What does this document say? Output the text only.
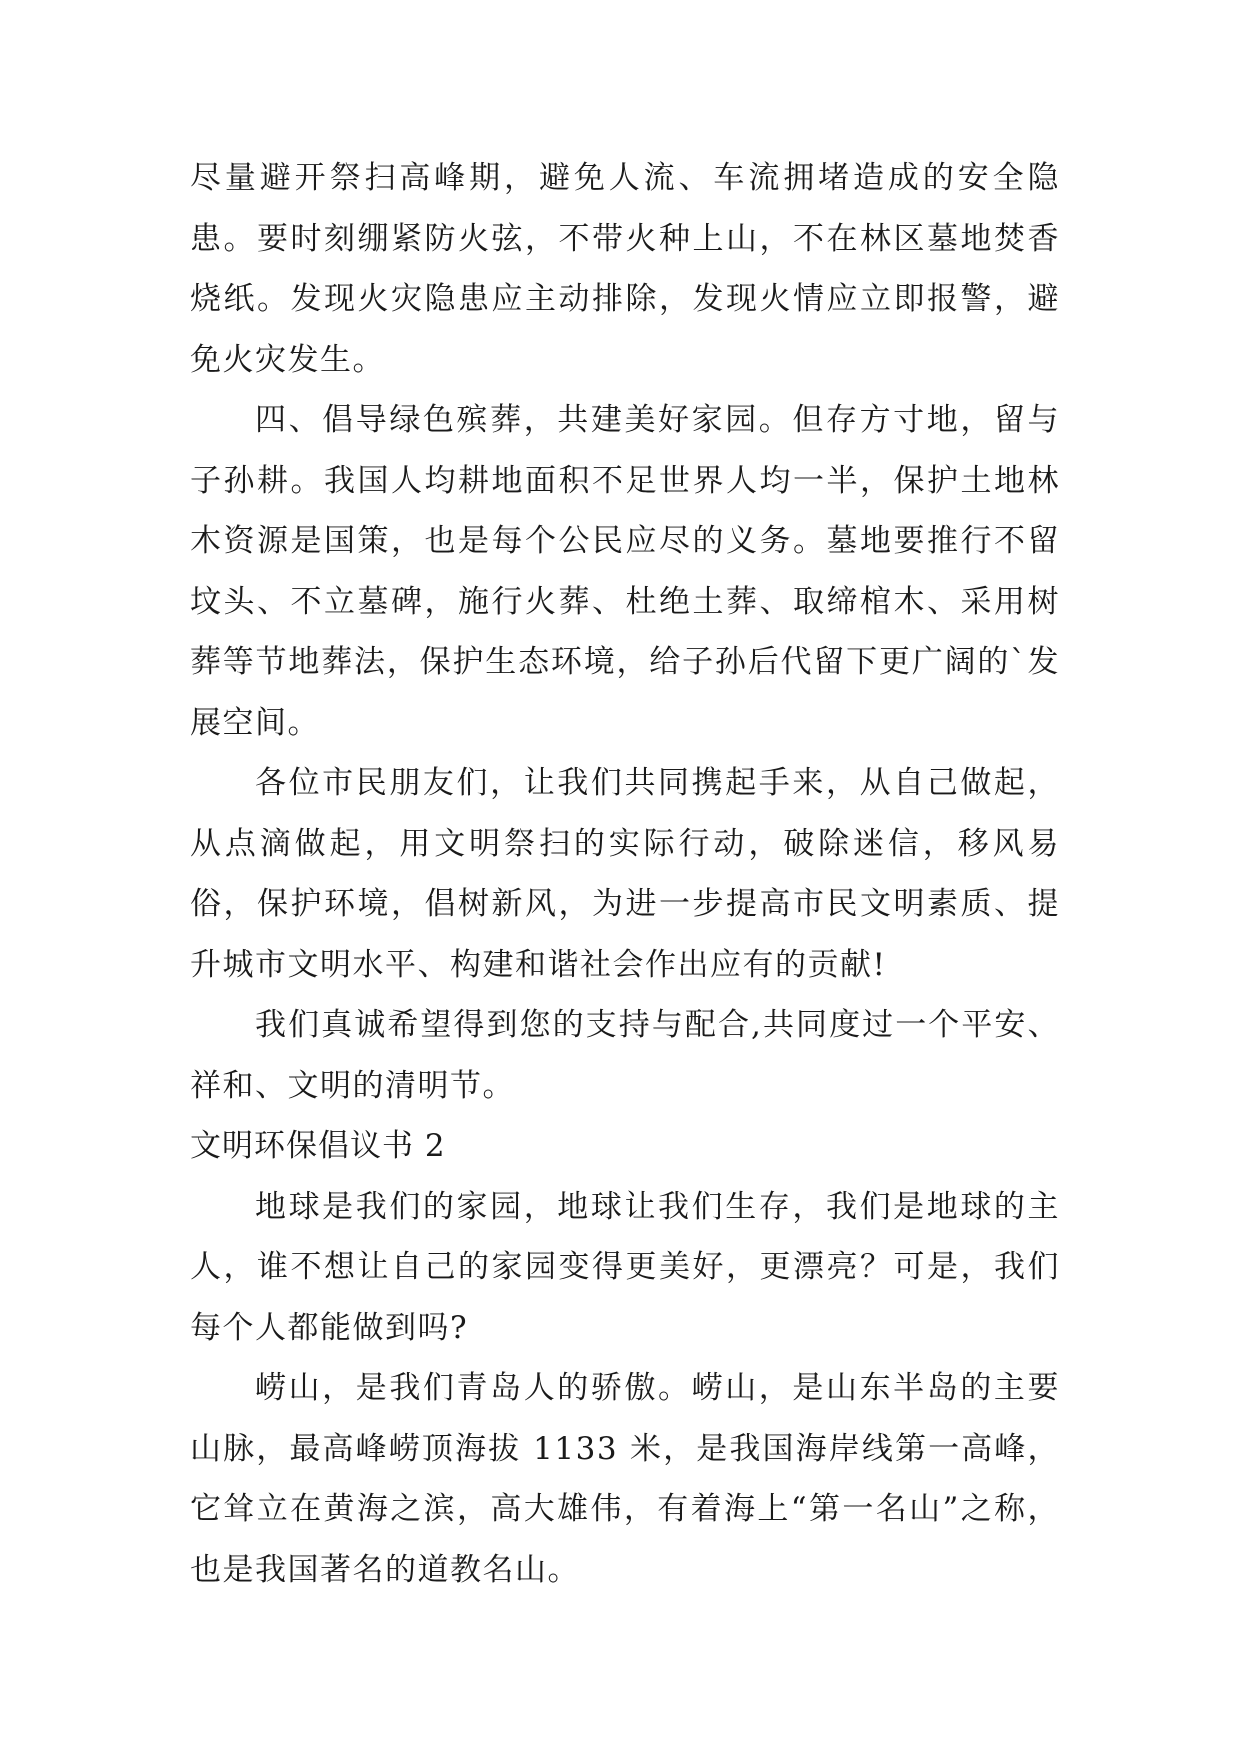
尽量避开祭扫高峰期，避免人流、车流拥堵造成的安全隐患。要时刻绷紧防火弦，不带火种上山，不在林区墓地焚香烧纸。发现火灾隐患应主动排除，发现火情应立即报警，避免火灾发生。

四、倡导绿色殡葬，共建美好家园。但存方寸地，留与子孙耕。我国人均耕地面积不足世界人均一半，保护土地林木资源是国策，也是每个公民应尽的义务。墓地要推行不留坟头、不立墓碑，施行火葬、杜绝土葬、取缔棺木、采用树葬等节地葬法，保护生态环境，给子孙后代留下更广阔的`发展空间。

各位市民朋友们，让我们共同携起手来，从自己做起，从点滴做起，用文明祭扫的实际行动，破除迷信，移风易俗，保护环境，倡树新风，为进一步提高市民文明素质、提升城市文明水平、构建和谐社会作出应有的贡献!

我们真诚希望得到您的支持与配合,共同度过一个平安、祥和、文明的清明节。

文明环保倡议书 2

地球是我们的家园，地球让我们生存，我们是地球的主人，谁不想让自己的家园变得更美好，更漂亮？可是，我们每个人都能做到吗?

崂山，是我们青岛人的骄傲。崂山，是山东半岛的主要山脉，最高峰崂顶海拔 1133 米，是我国海岸线第一高峰，它耸立在黄海之滨，高大雄伟，有着海上“第一名山”之称，也是我国著名的道教名山。
